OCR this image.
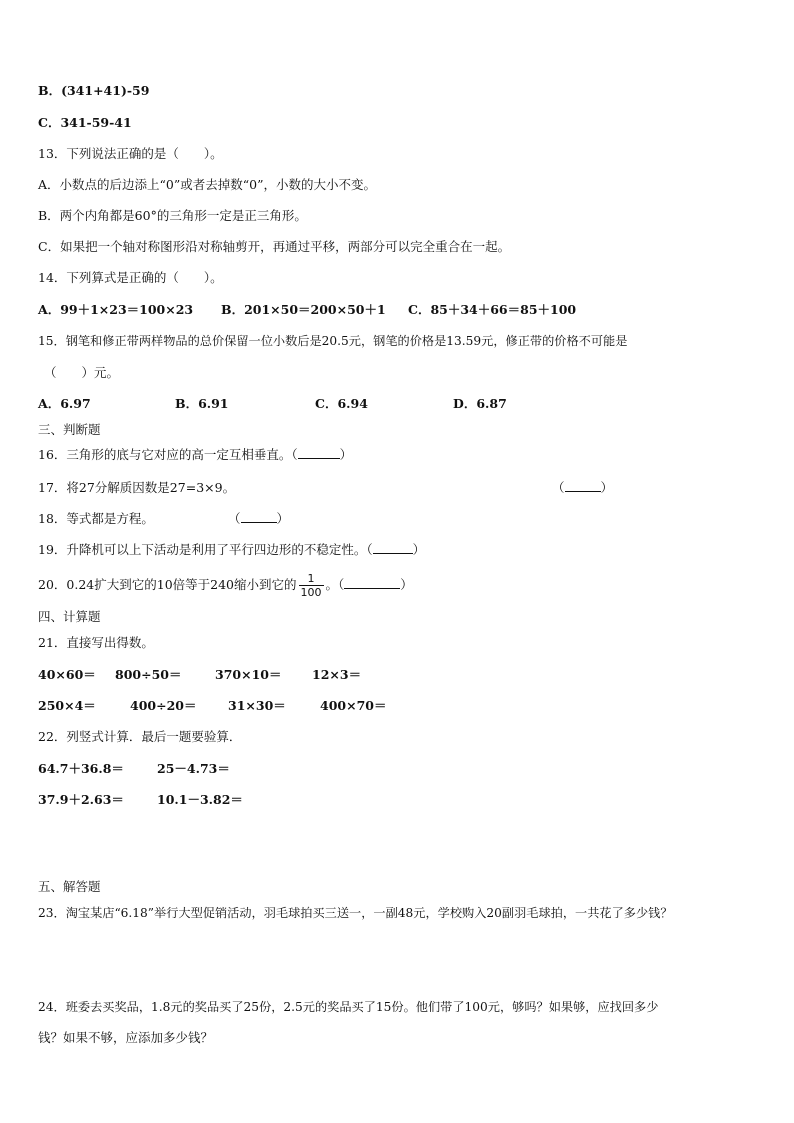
B．(341+41)-59
C．341-59-41
13．下列说法正确的是（　　）。
A．小数点的后边添上“0”或者去掉数“0”，小数的大小不变。
B．两个内角都是60°的三角形一定是正三角形。
C．如果把一个轴对称图形沿对称轴剪开，再通过平移，两部分可以完全重合在一起。
14．下列算式是正确的（　　）。
A．99＋1×23＝100×23 B．201×50＝200×50＋1 C．85＋34＋66＝85＋100
15．钢笔和修正带两样物品的总价保留一位小数后是20.5元，钢笔的价格是13.59元，修正带的价格不可能是
（　　）元。
A．6.97	B．6.91	C．6.94	D．6.87
三、判断题
16．三角形的底与它对应的高一定互相垂直。（	）
17．将27分解质因数是27=3×9。	（	）
18．等式都是方程。	（	）
19．升降机可以上下活动是利用了平行四边形的不稳定性。（	）
20．0.24扩大到它的10倍等于240缩小到它的 $\frac{1}{100}$ 。（	）
四、计算题
21．直接写出得数。
40×60＝ 800÷50＝	370×10＝ 12×3＝
250×4＝	400÷20＝	31×30＝	400×70＝
22．列竖式计算．最后一题要验算．
64.7＋36.8＝	25－4.73＝
37.9＋2.63＝	10.1－3.82＝
五、解答题
23．淘宝某店“6.18”举行大型促销活动，羽毛球拍买三送一，一副48元，学校购入20副羽毛球拍，一共花了多少钱？
24．班委去买奖品，1.8元的奖品买了25份，2.5元的奖品买了15份。他们带了100元，够吗？如果够，应找回多少
钱？如果不够，应添加多少钱？
